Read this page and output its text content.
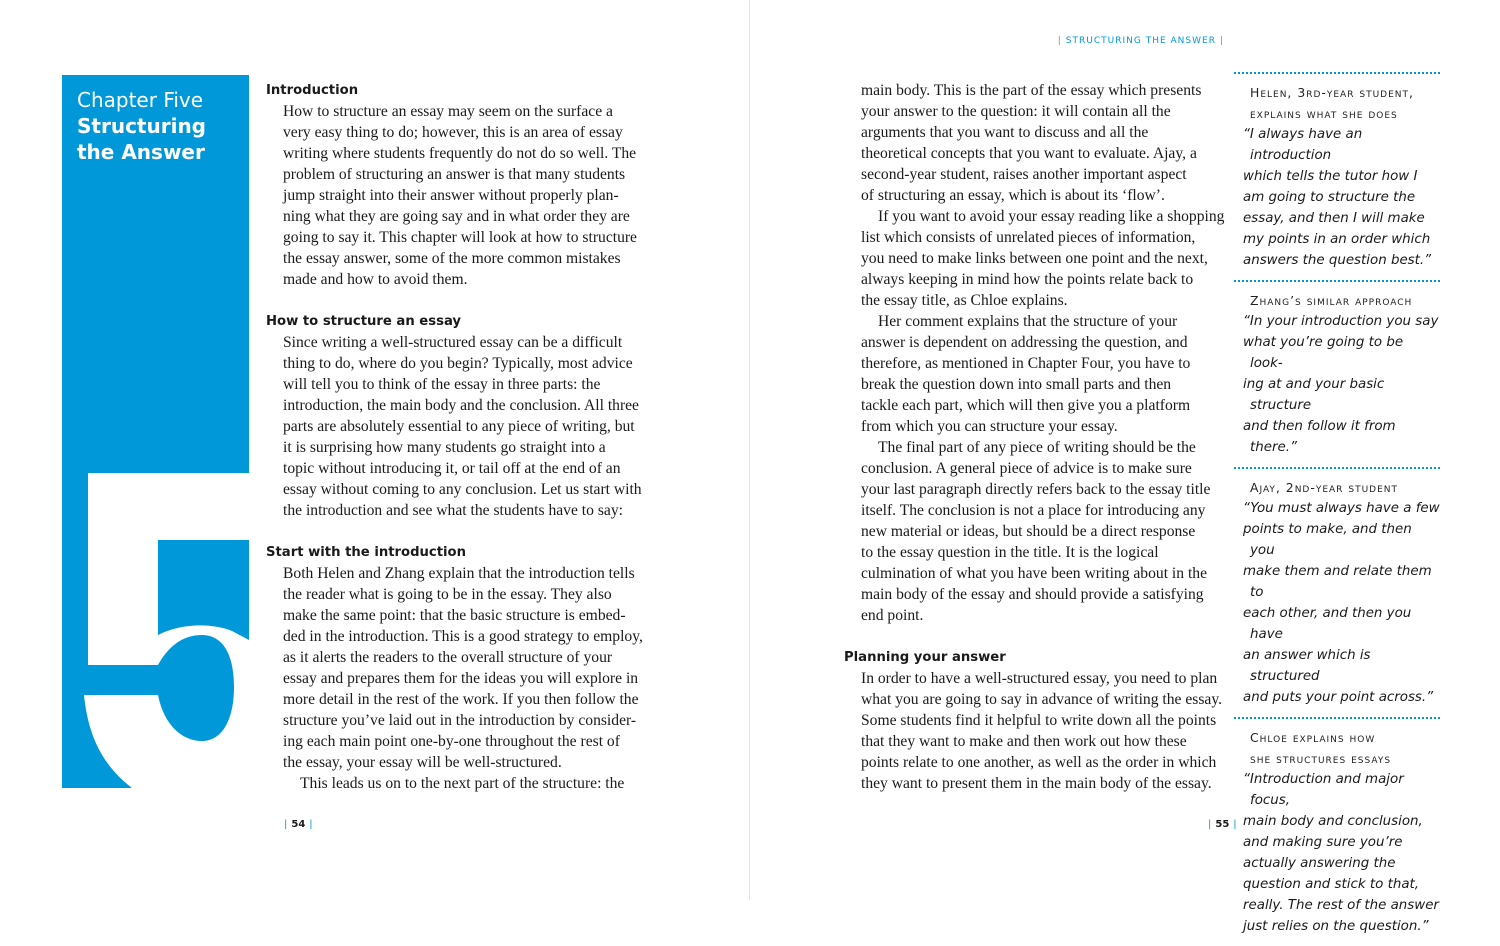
Chapter Five
Structuring
the Answer
5

Introduction

How to structure an essay may seem on the surface a
very easy thing to do; however, this is an area of essay
writing where students frequently do not do so well. The
problem of structuring an answer is that many students
jump straight into their answer without properly plan-
ning what they are going say and in what order they are
going to say it. This chapter will look at how to structure
the essay answer, some of the more common mistakes
made and how to avoid them.

How to structure an essay

Since writing a well-structured essay can be a difficult
thing to do, where do you begin? Typically, most advice
will tell you to think of the essay in three parts: the
introduction, the main body and the conclusion. All three
parts are absolutely essential to any piece of writing, but
it is surprising how many students go straight into a
topic without introducing it, or tail off at the end of an
essay without coming to any conclusion. Let us start with
the introduction and see what the students have to say:

Start with the introduction

Both Helen and Zhang explain that the introduction tells
the reader what is going to be in the essay. They also
make the same point: that the basic structure is embed-
ded in the introduction. This is a good strategy to employ,
as it alerts the readers to the overall structure of your
essay and prepares them for the ideas you will explore in
more detail in the rest of the work. If you then follow the
structure you’ve laid out in the introduction by consider-
ing each main point one-by-one throughout the rest of
the essay, your essay will be well-structured.
This leads us on to the next part of the structure: the
| 54 |
| STRUCTURING THE ANSWER |
main body. This is the part of the essay which presents
your answer to the question: it will contain all the
arguments that you want to discuss and all the
theoretical concepts that you want to evaluate. Ajay, a
second-year student, raises another important aspect
of structuring an essay, which is about its ‘flow’.
If you want to avoid your essay reading like a shopping
list which consists of unrelated pieces of information,
you need to make links between one point and the next,
always keeping in mind how the points relate back to
the essay title, as Chloe explains.
Her comment explains that the structure of your
answer is dependent on addressing the question, and
therefore, as mentioned in Chapter Four, you have to
break the question down into small parts and then
tackle each part, which will then give you a platform
from which you can structure your essay.
The final part of any piece of writing should be the
conclusion. A general piece of advice is to make sure
your last paragraph directly refers back to the essay title
itself. The conclusion is not a place for introducing any
new material or ideas, but should be a direct response
to the essay question in the title. It is the logical
culmination of what you have been writing about in the
main body of the essay and should provide a satisfying
end point.

Planning your answer

In order to have a well-structured essay, you need to plan
what you are going to say in advance of writing the essay.
Some students find it helpful to write down all the points
that they want to make and then work out how these
points relate to one another, as well as the order in which
they want to present them in the main body of the essay.
Helen, 3rd-year student,
explains what she does
“I always have an introduction
which tells the tutor how I
am going to structure the
essay, and then I will make
my points in an order which
answers the question best.”
Zhang’s similar approach
“In your introduction you say
what you’re going to be look-
ing at and your basic structure
and then follow it from there.”
Ajay, 2nd-year student
“You must always have a few
points to make, and then you
make them and relate them to
each other, and then you have
an answer which is structured
and puts your point across.”
Chloe explains how
she structures essays
“Introduction and major focus,
main body and conclusion,
and making sure you’re
actually answering the
question and stick to that,
really. The rest of the answer
just relies on the question.”
| 55 |
